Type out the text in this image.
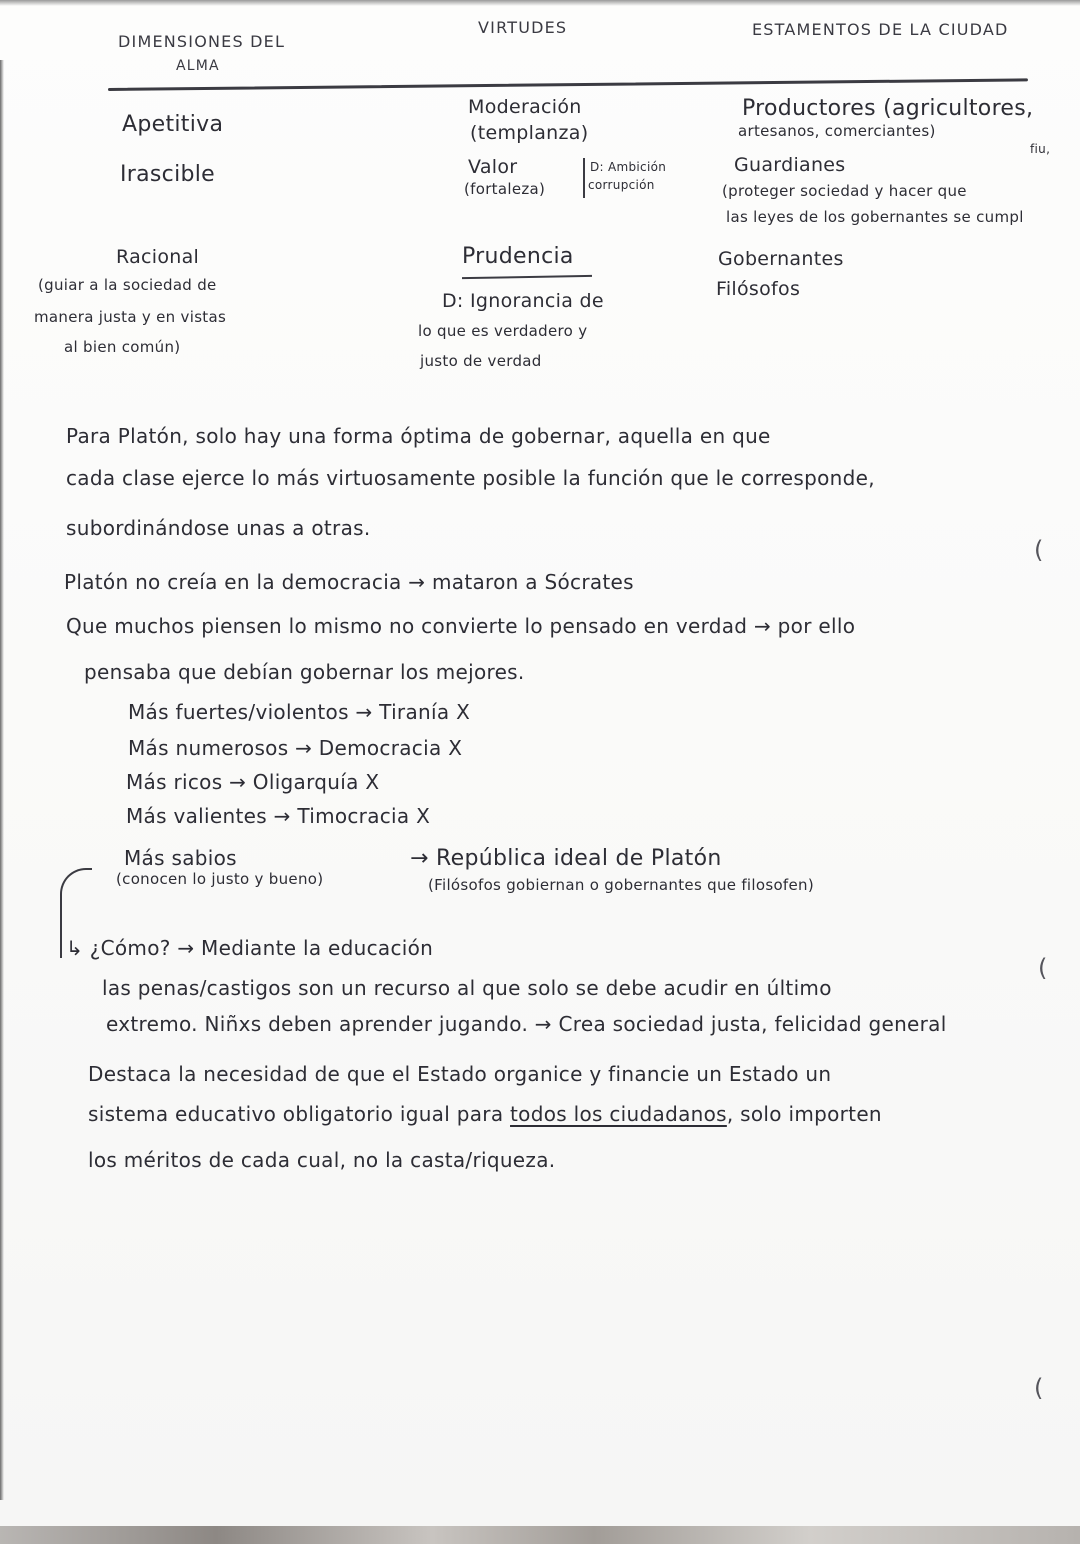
DIMENSIONES DEL
ALMA
VIRTUDES	ESTAMENTOS DE LA CIUDAD
Apetitiva
Moderación
(templanza)
Productores (agricultores,
artesanos, comerciantes)
fiu,
Irascible	Valor
(fortaleza)
D: Ambición
corrupción
Guardianes
(proteger sociedad y hacer que
las leyes de los gobernantes se cumpl
Racional
(guiar a la sociedad de
manera justa y en vistas
al bien común)
Prudencia
D: Ignorancia de
lo que es verdadero y
justo de verdad
Gobernantes
Filósofos
Para Platón, solo hay una forma óptima de gobernar, aquella en que
cada clase ejerce lo más virtuosamente posible la función que le corresponde,
subordinándose unas a otras.
Platón no creía en la democracia → mataron a Sócrates
Que muchos piensen lo mismo no convierte lo pensado en verdad → por ello
pensaba que debían gobernar los mejores.
Más fuertes/violentos → Tiranía X
Más numerosos → Democracia X
Más ricos → Oligarquía X
Más valientes → Timocracia X
Más sabios
(conocen lo justo y bueno)
→ República ideal de Platón
(Filósofos gobiernan o gobernantes que filosofen)
↳ ¿Cómo? → Mediante la educación
las penas/castigos son un recurso al que solo se debe acudir en último
extremo. Niñxs deben aprender jugando. → Crea sociedad justa, felicidad general
Destaca la necesidad de que el Estado organice y financie un Estado un
sistema educativo obligatorio igual para todos los ciudadanos, solo importen
los méritos de cada cual, no la casta/riqueza.
(
(
(
